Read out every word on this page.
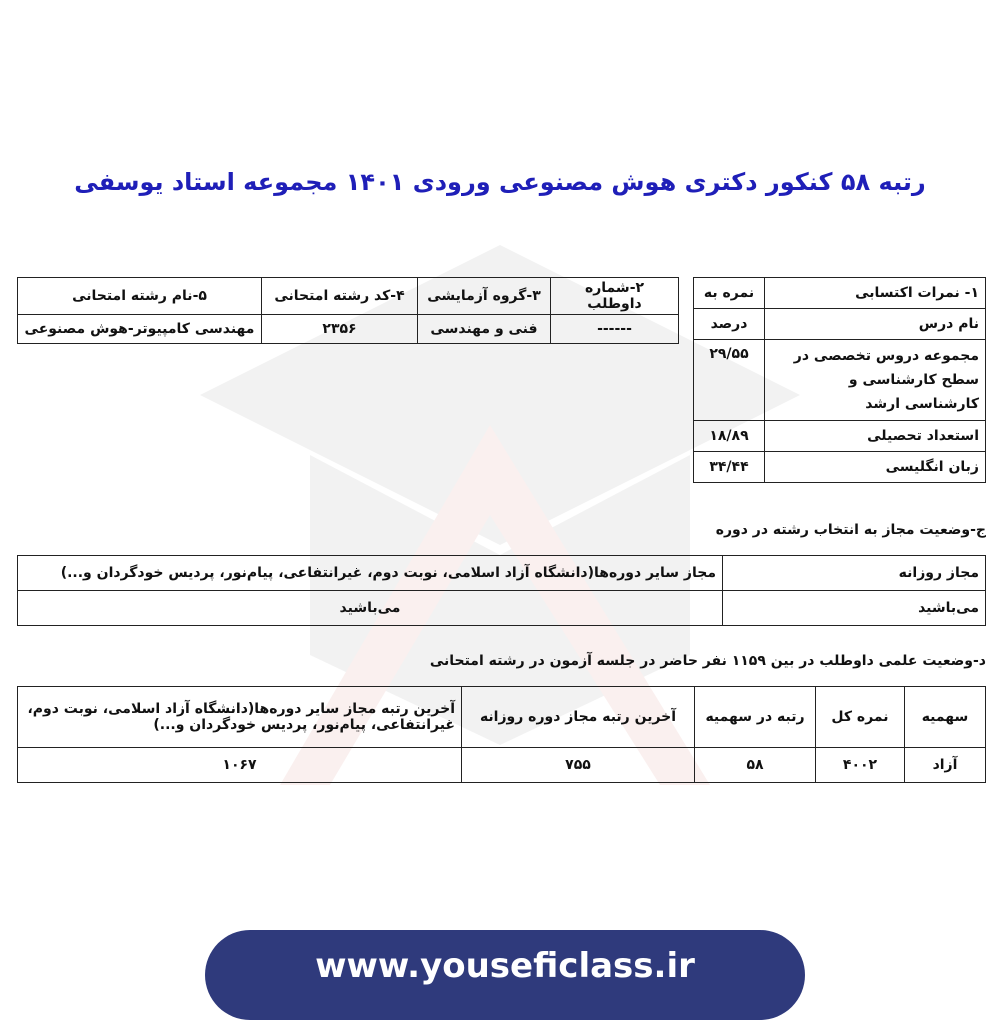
رتبه ۵۸ کنکور دکتری هوش مصنوعی ورودی ۱۴۰۱ مجموعه استاد یوسفی
۱- نمرات اکتسابی	نمره به
نام درس	درصد
مجموعه دروس تخصصی در سطح کارشناسی و کارشناسی ارشد	۲۹/۵۵
استعداد تحصیلی	۱۸/۸۹
زبان انگلیسی	۳۴/۴۴
۲-شماره داوطلب	۳-گروه آزمایشی	۴-کد رشته امتحانی	۵-نام رشته امتحانی
------	فنی و مهندسی	۲۳۵۶	مهندسی کامپیوتر-هوش مصنوعی
ج-وضعیت مجاز به انتخاب رشته در دوره
مجاز روزانه	مجاز سایر دوره‌ها(دانشگاه آزاد اسلامی، نوبت دوم، غیرانتفاعی، پیام‌نور، پردیس خودگردان و...)
می‌باشید	می‌باشید
د-وضعیت علمی داوطلب در بین ۱۱۵۹ نفر حاضر در جلسه آزمون در رشته امتحانی
سهمیه	نمره کل	رتبه در سهمیه	آخرین رتبه مجاز دوره روزانه	آخرین رتبه مجاز سایر دوره‌ها(دانشگاه آزاد اسلامی، نوبت دوم، غیرانتفاعی، پیام‌نور، پردیس خودگردان و...)
آزاد	۴۰۰۲	۵۸	۷۵۵	۱۰۶۷
www.youseficlass.ir
